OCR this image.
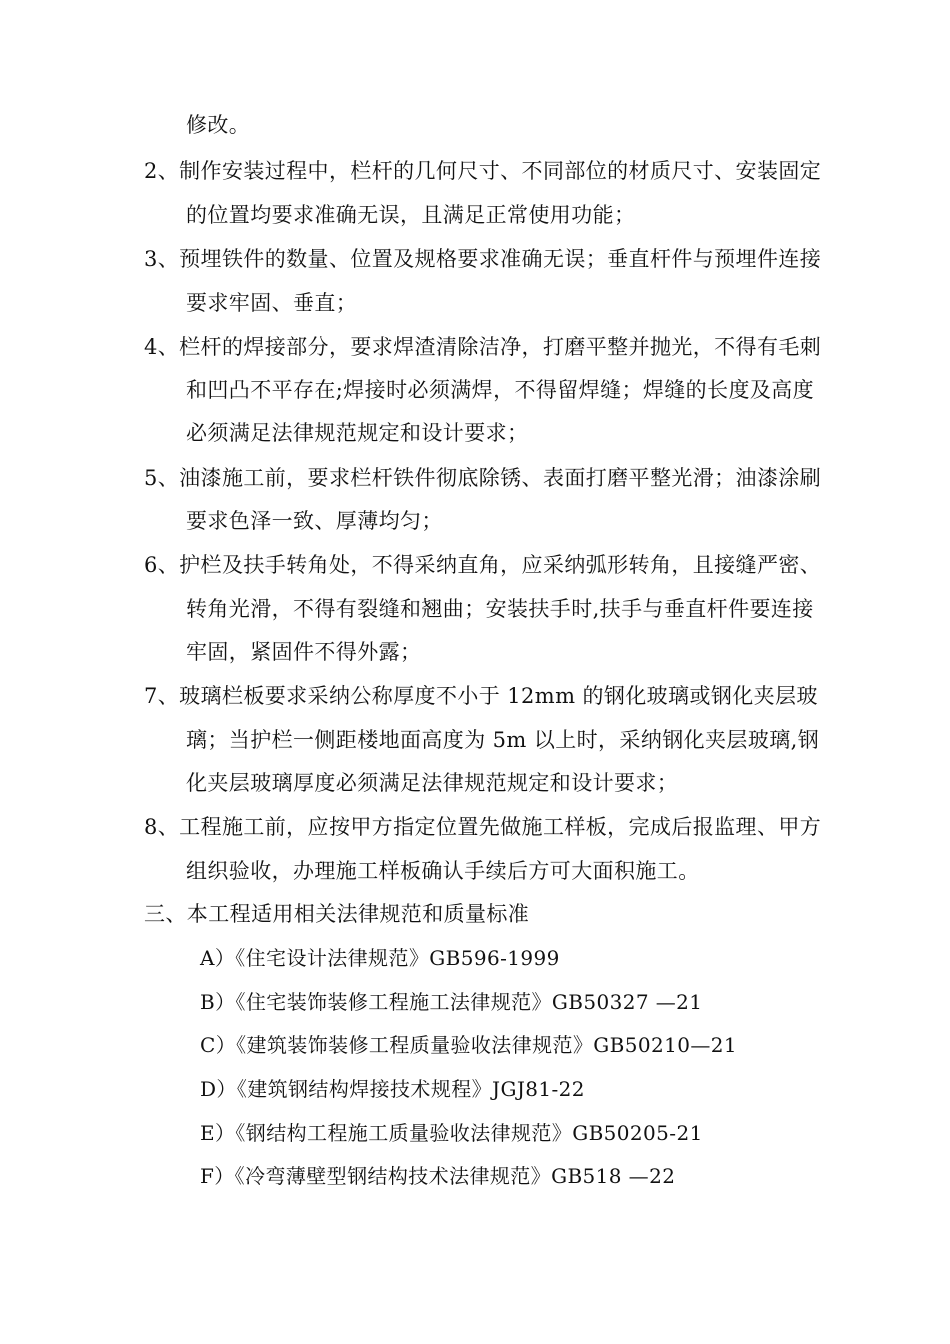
修改。
2、制作安装过程中，栏杆的几何尺寸、不同部位的材质尺寸、安装固定
的位置均要求准确无误，且满足正常使用功能；
3、预埋铁件的数量、位置及规格要求准确无误；垂直杆件与预埋件连接
要求牢固、垂直；
4、栏杆的焊接部分，要求焊渣清除洁净，打磨平整并抛光，不得有毛刺
和凹凸不平存在;焊接时必须满焊，不得留焊缝；焊缝的长度及高度
必须满足法律规范规定和设计要求；
5、油漆施工前，要求栏杆铁件彻底除锈、表面打磨平整光滑；油漆涂刷
要求色泽一致、厚薄均匀；
6、护栏及扶手转角处，不得采纳直角，应采纳弧形转角，且接缝严密、
转角光滑，不得有裂缝和翘曲；安装扶手时,扶手与垂直杆件要连接
牢固，紧固件不得外露；
7、玻璃栏板要求采纳公称厚度不小于 12mm 的钢化玻璃或钢化夹层玻
璃；当护栏一侧距楼地面高度为 5m 以上时，采纳钢化夹层玻璃,钢
化夹层玻璃厚度必须满足法律规范规定和设计要求；
8、工程施工前，应按甲方指定位置先做施工样板，完成后报监理、甲方
组织验收，办理施工样板确认手续后方可大面积施工。
三、本工程适用相关法律规范和质量标准
A）《住宅设计法律规范》GB596-1999
B）《住宅装饰装修工程施工法律规范》GB50327 —21
C）《建筑装饰装修工程质量验收法律规范》GB50210—21
D）《建筑钢结构焊接技术规程》JGJ81-22
E）《钢结构工程施工质量验收法律规范》GB50205-21
F）《冷弯薄壁型钢结构技术法律规范》GB518 —22
